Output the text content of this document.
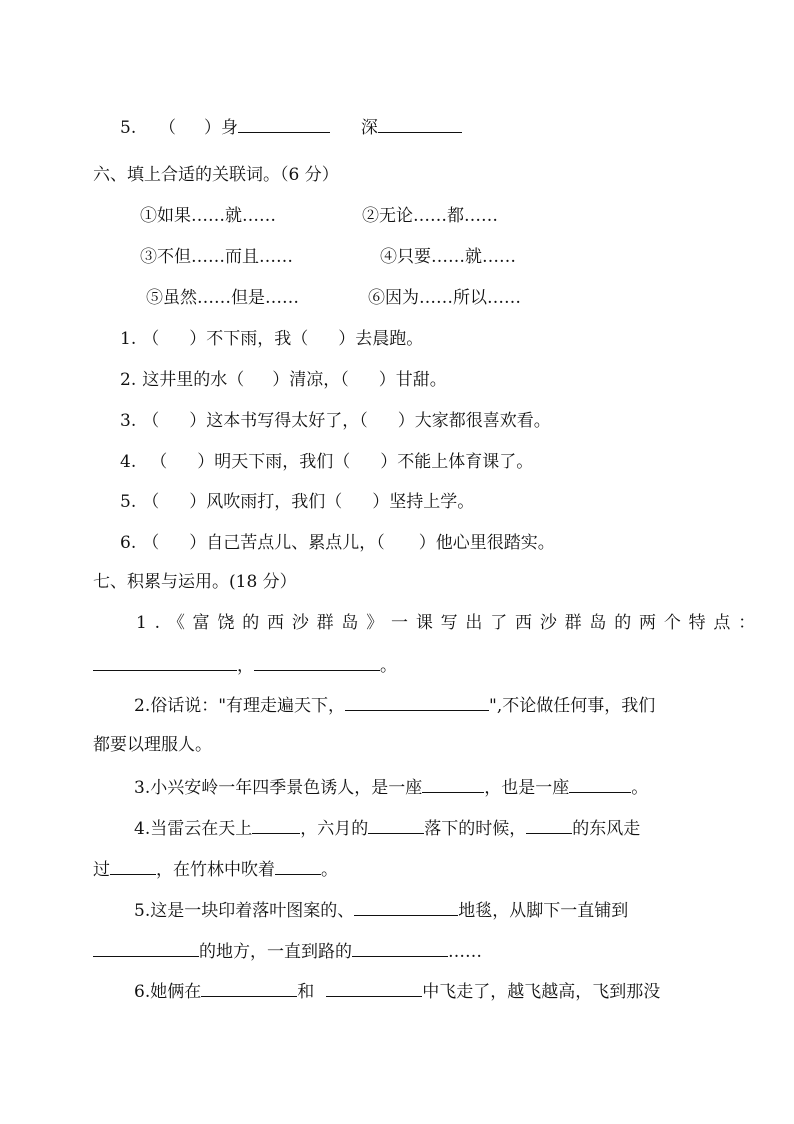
5. （ ）身	深
六、填上合适的关联词。（6 分）
①如果……就……	②无论……都……
③不但……而且……	④只要……就……
⑤虽然……但是……	⑥因为……所以……
1. （ ）不下雨，我（ ）去晨跑。
2. 这井里的水（ ）清凉，（ ）甘甜。
3. （ ）这本书写得太好了，（ ）大家都很喜欢看。
4. （ ）明天下雨，我们（ ）不能上体育课了。
5. （ ）风吹雨打，我们（ ）坚持上学。
6. （ ）自己苦点儿、累点儿，（ ）他心里很踏实。
七、积累与运用。(18 分）
1.《富饶的西沙群岛》一课写出了西沙群岛的两个特点：
，	。
2.俗话说："有理走遍天下，	",不论做任何事，我们
都要以理服人。
3.小兴安岭一年四季景色诱人，是一座	，也是一座	。
4.当雷云在天上	，六月的	落下的时候，	的东风走
过	，在竹林中吹着	。
5.这是一块印着落叶图案的、	地毯，从脚下一直铺到
的地方，一直到路的	……
6.她俩在	和	中飞走了，越飞越高，飞到那没
